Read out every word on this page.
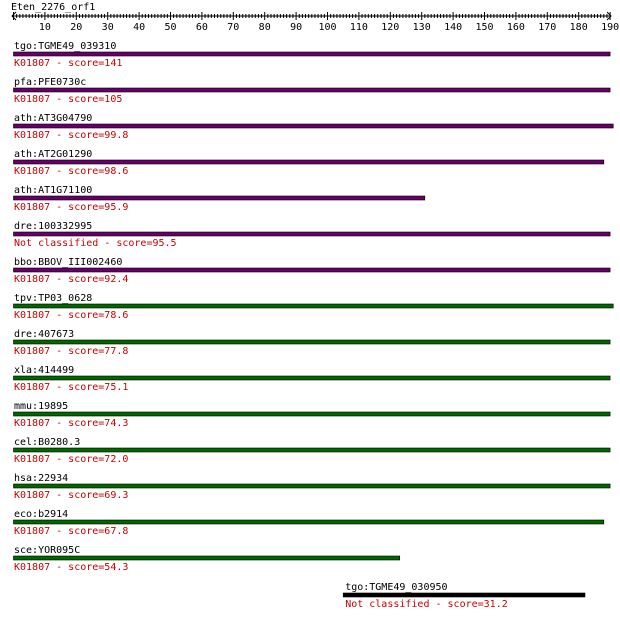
Eten_2276_orf1
10 20 30 40 50 60 70 80 90 100 110 120 130 140 150 160 170 180 190
tgo:TGME49_039310
K01807 - score=141
pfa:PFE0730c
K01807 - score=105
ath:AT3G04790
K01807 - score=99.8
ath:AT2G01290
K01807 - score=98.6
ath:AT1G71100
K01807 - score=95.9
dre:100332995
Not classified - score=95.5
bbo:BBOV_III002460
K01807 - score=92.4
tpv:TP03_0628
K01807 - score=78.6
dre:407673
K01807 - score=77.8
xla:414499
K01807 - score=75.1
mmu:19895
K01807 - score=74.3
cel:B0280.3
K01807 - score=72.0
hsa:22934
K01807 - score=69.3
eco:b2914
K01807 - score=67.8
sce:YOR095C
K01807 - score=54.3
tgo:TGME49_030950
Not classified - score=31.2
